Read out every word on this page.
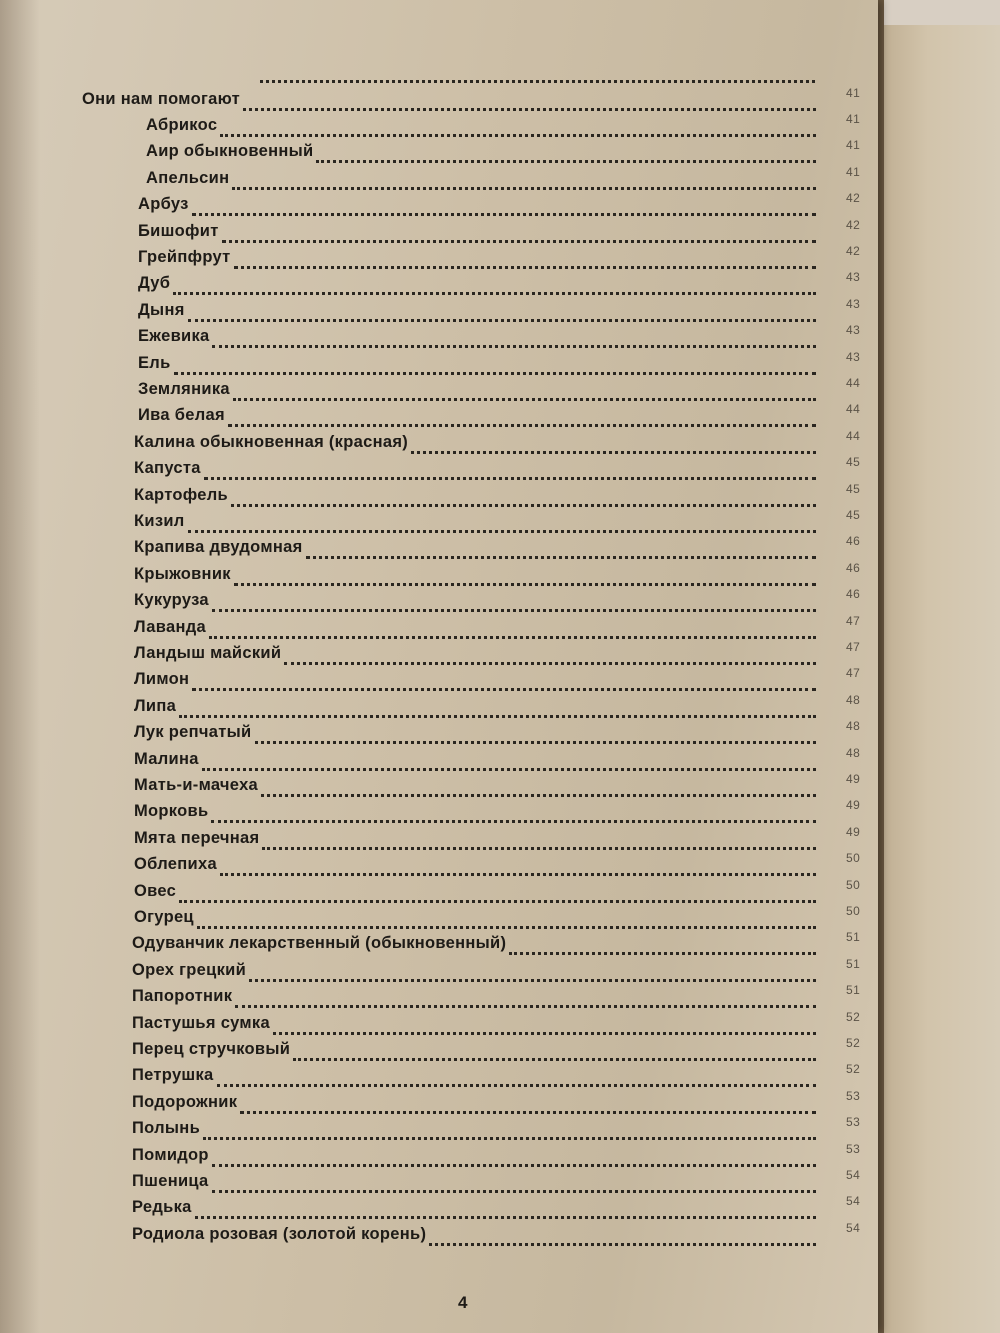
Они нам помогают	41
Абрикос	41
Аир обыкновенный	41
Апельсин	41
Арбуз	42
Бишофит	42
Грейпфрут	42
Дуб	43
Дыня	43
Ежевика	43
Ель	43
Земляника	44
Ива белая	44
Калина обыкновенная (красная)	44
Капуста	45
Картофель	45
Кизил	45
Крапива двудомная	46
Крыжовник	46
Кукуруза	46
Лаванда	47
Ландыш майский	47
Лимон	47
Липа	48
Лук репчатый	48
Малина	48
Мать-и-мачеха	49
Морковь	49
Мята перечная	49
Облепиха	50
Овес	50
Огурец	50
Одуванчик лекарственный (обыкновенный)	51
Орех грецкий	51
Папоротник	51
Пастушья сумка	52
Перец стручковый	52
Петрушка	52
Подорожник	53
Полынь	53
Помидор	53
Пшеница	54
Редька	54
Родиола розовая (золотой корень)	54
4
